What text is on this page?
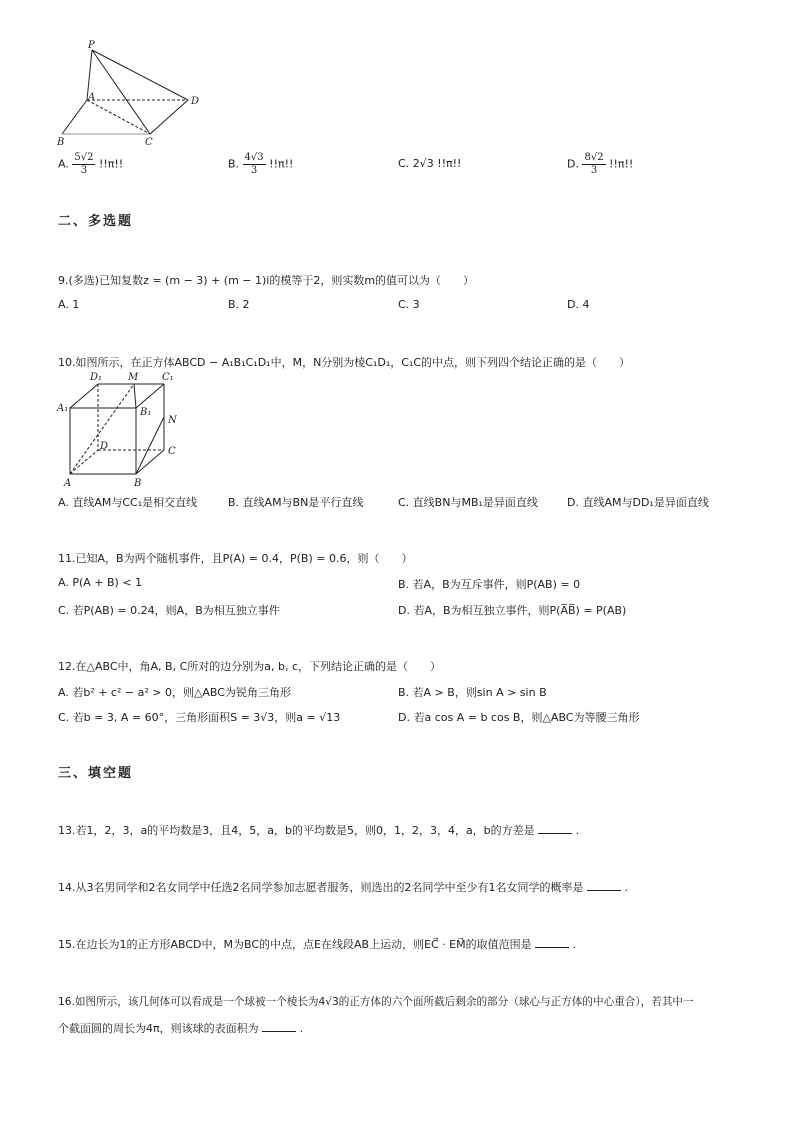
P
A
B	C
D
A. $\frac{5√2}{3} !!\pi$!!	B. $\frac{4√3}{3} !!\pi$!!	C. 2√3 !!π!!	D. $\frac{8√2}{3} !!\pi$!!
二、多选题
9.(多选)已知复数z = (m − 3) + (m − 1)i的模等于2，则实数m的值可以为（　　）
A. 1	B. 2	C. 3	D. 4
10.如图所示，在正方体ABCD − A₁B₁C₁D₁中，M，N分别为棱C₁D₁，C₁C的中点，则下列四个结论正确的是（　　）
D₁	M C₁
A₁	B₁
N
D	C
A	B
A. 直线AM与CC₁是相交直线	B. 直线AM与BN是平行直线	C. 直线BN与MB₁是异面直线	D. 直线AM与DD₁是异面直线
11.已知A，B为两个随机事件，且P(A) = 0.4，P(B) = 0.6，则（　　）
A. P(A + B) < 1	B. 若A，B为互斥事件，则P(AB) = 0
C. 若P(AB) = 0.24，则A，B为相互独立事件	D. 若A，B为相互独立事件，则P(A̅B̅) = P(AB)
12.在△ABC中，角A, B, C所对的边分别为a, b, c，下列结论正确的是（　　）
A. 若b² + c² − a² > 0，则△ABC为锐角三角形	B. 若A > B，则sin A > sin B
C. 若b = 3, A = 60°，三角形面积S = 3√3，则a = √13	D. 若a cos A = b cos B，则△ABC为等腰三角形
三、填空题
13.若1，2，3，a的平均数是3，且4，5，a，b的平均数是5，则0，1，2，3，4，a，b的方差是	.
14.从3名男同学和2名女同学中任选2名同学参加志愿者服务，则选出的2名同学中至少有1名女同学的概率是	.
15.在边长为1的正方形ABCD中，M为BC的中点，点E在线段AB上运动，则EC⃗ · EM⃗的取值范围是	.
16.如图所示，该几何体可以看成是一个球被一个棱长为4√3的正方体的六个面所截后剩余的部分（球心与正方体的中心重合），若其中一
个截面圆的周长为4π，则该球的表面积为	.
